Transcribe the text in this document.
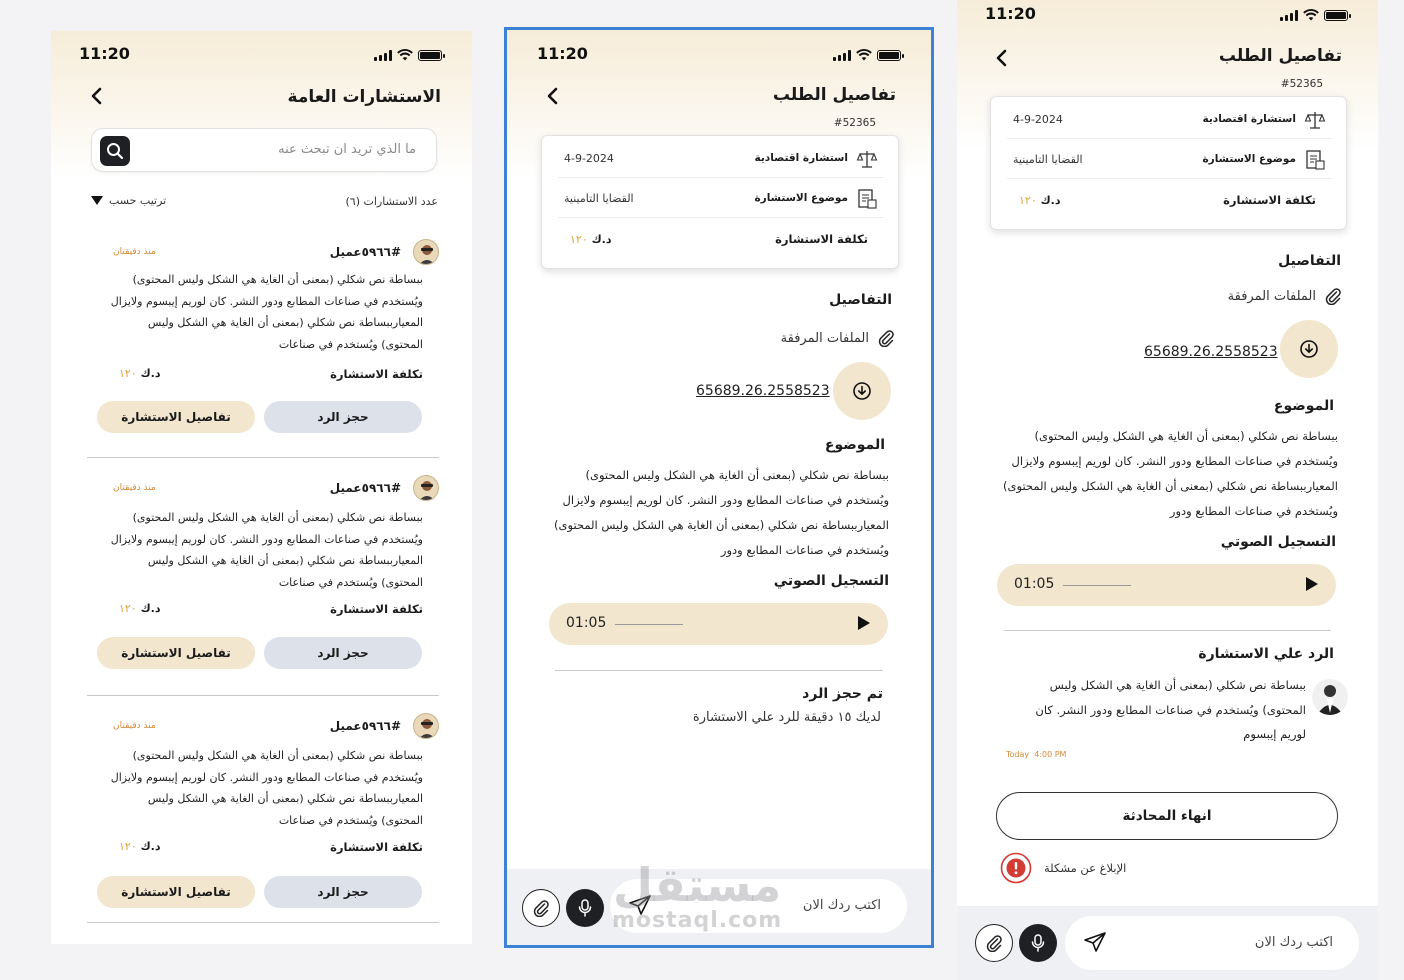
11:20
الاستشارات العامة
ما الذي تريد ان تبحث عنه
عدد الاستشارات (٦)
ترتيب حسب
#٥٩٦٦عميل
منذ دقيقتان
ببساطة نص شكلي (بمعنى أن الغاية هي الشكل وليس المحتوى) ويُستخدم في صناعات المطابع ودور النشر. كان لوريم إيبسوم ولايزال المعيارببساطة نص شكلي (بمعنى أن الغاية هي الشكل وليس المحتوى) ويُستخدم في صناعات
تكلفة الاستشارة
د.ك ١٢٠
حجز الرد
تفاصيل الاستشارة
#٥٩٦٦عميل
منذ دقيقتان
ببساطة نص شكلي (بمعنى أن الغاية هي الشكل وليس المحتوى) ويُستخدم في صناعات المطابع ودور النشر. كان لوريم إيبسوم ولايزال المعيارببساطة نص شكلي (بمعنى أن الغاية هي الشكل وليس المحتوى) ويُستخدم في صناعات
تكلفة الاستشارة
د.ك ١٢٠
حجز الرد
تفاصيل الاستشارة
#٥٩٦٦عميل
منذ دقيقتان
ببساطة نص شكلي (بمعنى أن الغاية هي الشكل وليس المحتوى) ويُستخدم في صناعات المطابع ودور النشر. كان لوريم إيبسوم ولايزال المعيارببساطة نص شكلي (بمعنى أن الغاية هي الشكل وليس المحتوى) ويُستخدم في صناعات
تكلفة الاستشارة
د.ك ١٢٠
حجز الرد
تفاصيل الاستشارة
11:20
تفاصيل الطلب
#52365
استشارة اقتصادية
4-9-2024
موضوع الاستشارة
القضايا التامينية
تكلفة الاستشارة
د.ك ١٢٠
التفاصيل
الملفات المرفقة
65689.26.2558523
الموضوع
ببساطة نص شكلي (بمعنى أن الغاية هي الشكل وليس المحتوى) ويُستخدم في صناعات المطابع ودور النشر. كان لوريم إيبسوم ولايزال المعيارببساطة نص شكلي (بمعنى أن الغاية هي الشكل وليس المحتوى) ويُستخدم في صناعات المطابع ودور
التسجيل الصوتي
01:05
تم حجز الرد
لديك ١٥ دقيقة للرد علي الاستشارة
اكتب ردك الان
11:20
تفاصيل الطلب
#52365
استشارة اقتصادية
4-9-2024
موضوع الاستشارة
القضايا التامينية
تكلفة الاستشارة
د.ك ١٢٠
التفاصيل
الملفات المرفقة
65689.26.2558523
الموضوع
ببساطة نص شكلي (بمعنى أن الغاية هي الشكل وليس المحتوى) ويُستخدم في صناعات المطابع ودور النشر. كان لوريم إيبسوم ولايزال المعيارببساطة نص شكلي (بمعنى أن الغاية هي الشكل وليس المحتوى) ويُستخدم في صناعات المطابع ودور
التسجيل الصوتي
01:05
الرد علي الاستشارة
ببساطة نص شكلي (بمعنى أن الغاية هي الشكل وليس المحتوى) ويُستخدم في صناعات المطابع ودور النشر. كان لوريم إيبسوم
Today  4:00 PM
انهاء المحادثة
الإبلاغ عن مشكلة
اكتب ردك الان
مستقل
mostaql.com
